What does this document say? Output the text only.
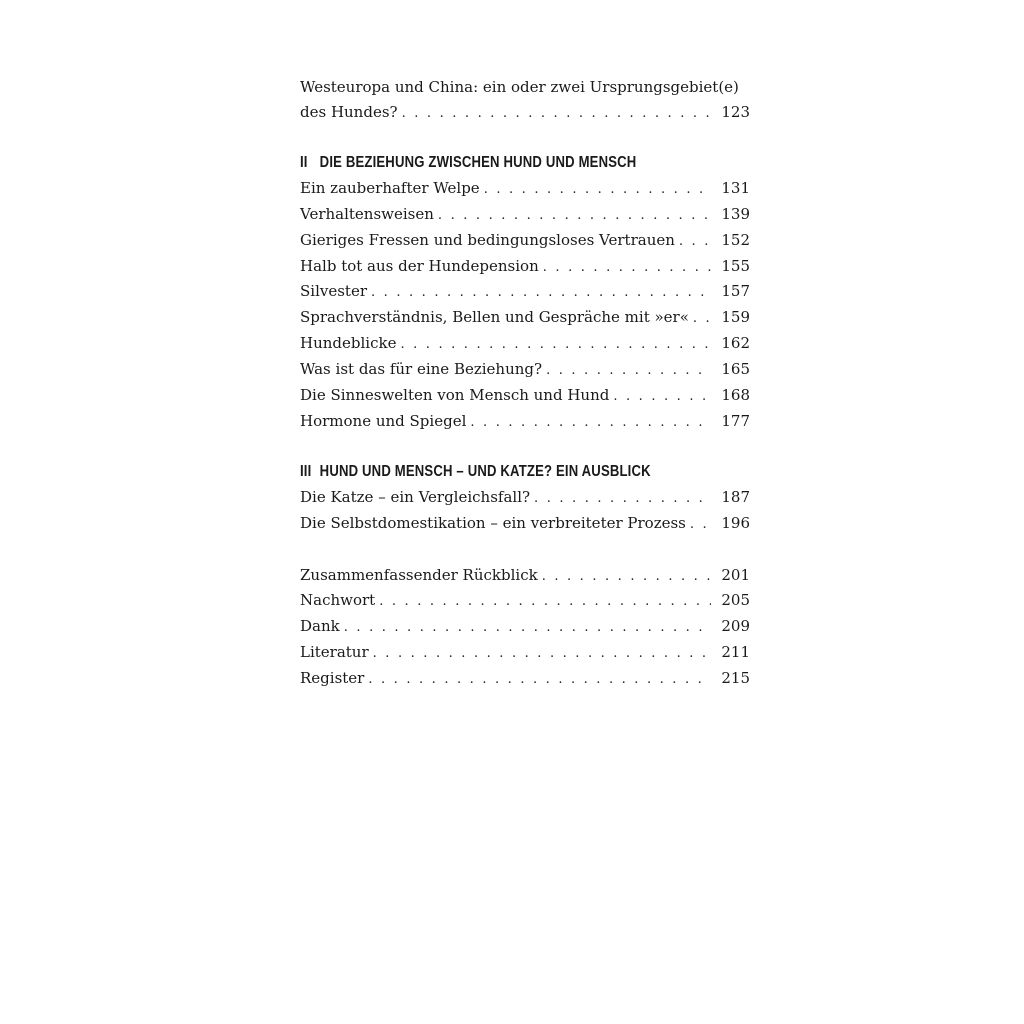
Westeuropa und China: ein oder zwei Ursprungsgebiet(e)
des Hundes? . . .	123
II DIE BEZIEHUNG ZWISCHEN HUND UND MENSCH
Ein zauberhafter Welpe . . .	131
Verhaltensweisen . . .	139
Gieriges Fressen und bedingungsloses Vertrauen . . .	152
Halb tot aus der Hundepension . . .	155
Silvester . . .	157
Sprachverständnis, Bellen und Gespräche mit »er« . . . 159
Hundeblicke . . .	162
Was ist das für eine Beziehung? . . .	165
Die Sinneswelten von Mensch und Hund . . .	168
Hormone und Spiegel . . .	177
III HUND UND MENSCH – UND KATZE? EIN AUSBLICK
Die Katze – ein Vergleichsfall? . . .	187
Die Selbstdomestikation – ein verbreiteter Prozess . . . 196
Zusammenfassender Rückblick . . .	201
Nachwort . . .	205
Dank . . .	209
Literatur . . .	211
Register . . .	215
